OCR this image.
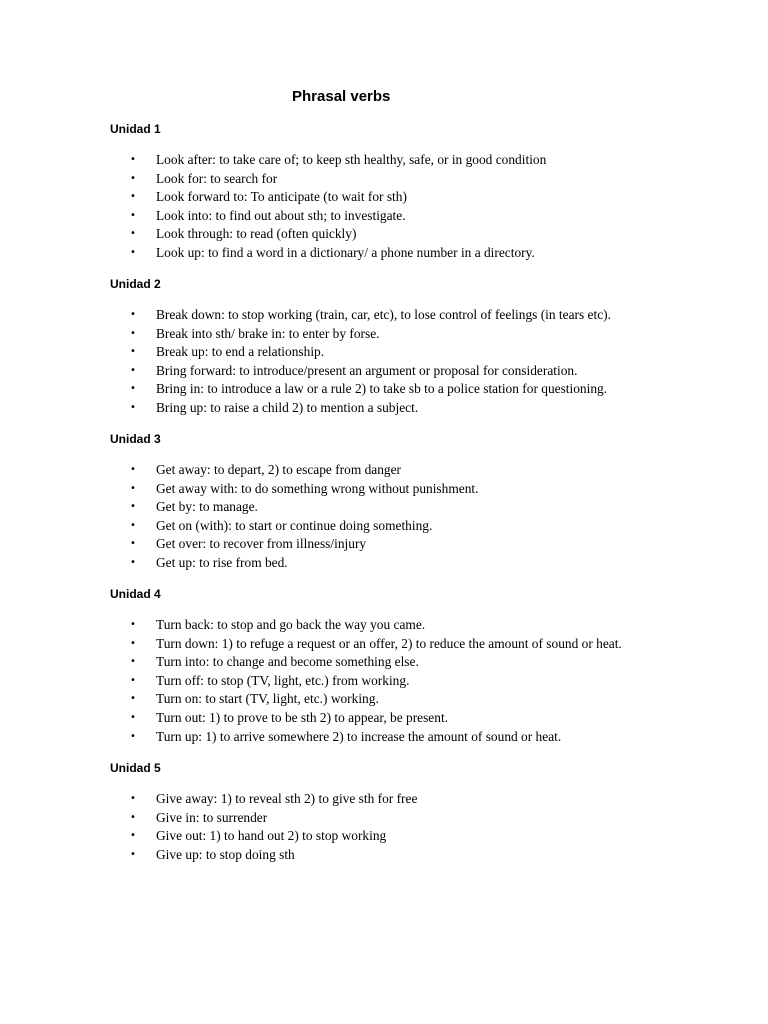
Phrasal verbs
Unidad 1
•	Look after: to take care of; to keep sth healthy, safe, or in good condition
•	Look for: to search for
•	Look forward to: To anticipate (to wait for sth)
•	Look into: to find out about sth; to investigate.
•	Look through: to read (often quickly)
•	Look up: to find a word in a dictionary/ a phone number in a directory.
Unidad 2
•	Break down: to stop working (train, car, etc), to lose control of feelings (in tears etc).
•	Break into sth/ brake in: to enter by forse.
•	Break up: to end a relationship.
•	Bring forward: to introduce/present an argument or proposal for consideration.
•	Bring in: to introduce a law or a rule 2) to take sb to a police station for questioning.
•	Bring up: to raise a child 2) to mention a subject.
Unidad 3
•	Get away: to depart, 2) to escape from danger
•	Get away with: to do something wrong without punishment.
•	Get by: to manage.
•	Get on (with): to start or continue doing something.
•	Get over: to recover from illness/injury
•	Get up: to rise from bed.
Unidad 4
•	Turn back: to stop and go back the way you came.
•	Turn down: 1) to refuge a request or an offer, 2) to reduce the amount of sound or heat.
•	Turn into: to change and become something else.
•	Turn off: to stop (TV, light, etc.) from working.
•	Turn on: to start (TV, light, etc.) working.
•	Turn out: 1) to prove to be sth 2) to appear, be present.
•	Turn up: 1) to arrive somewhere 2) to increase the amount of sound or heat.
Unidad 5
•	Give away: 1) to reveal sth 2) to give sth for free
•	Give in: to surrender
•	Give out: 1) to hand out 2) to stop working
•	Give up: to stop doing sth
